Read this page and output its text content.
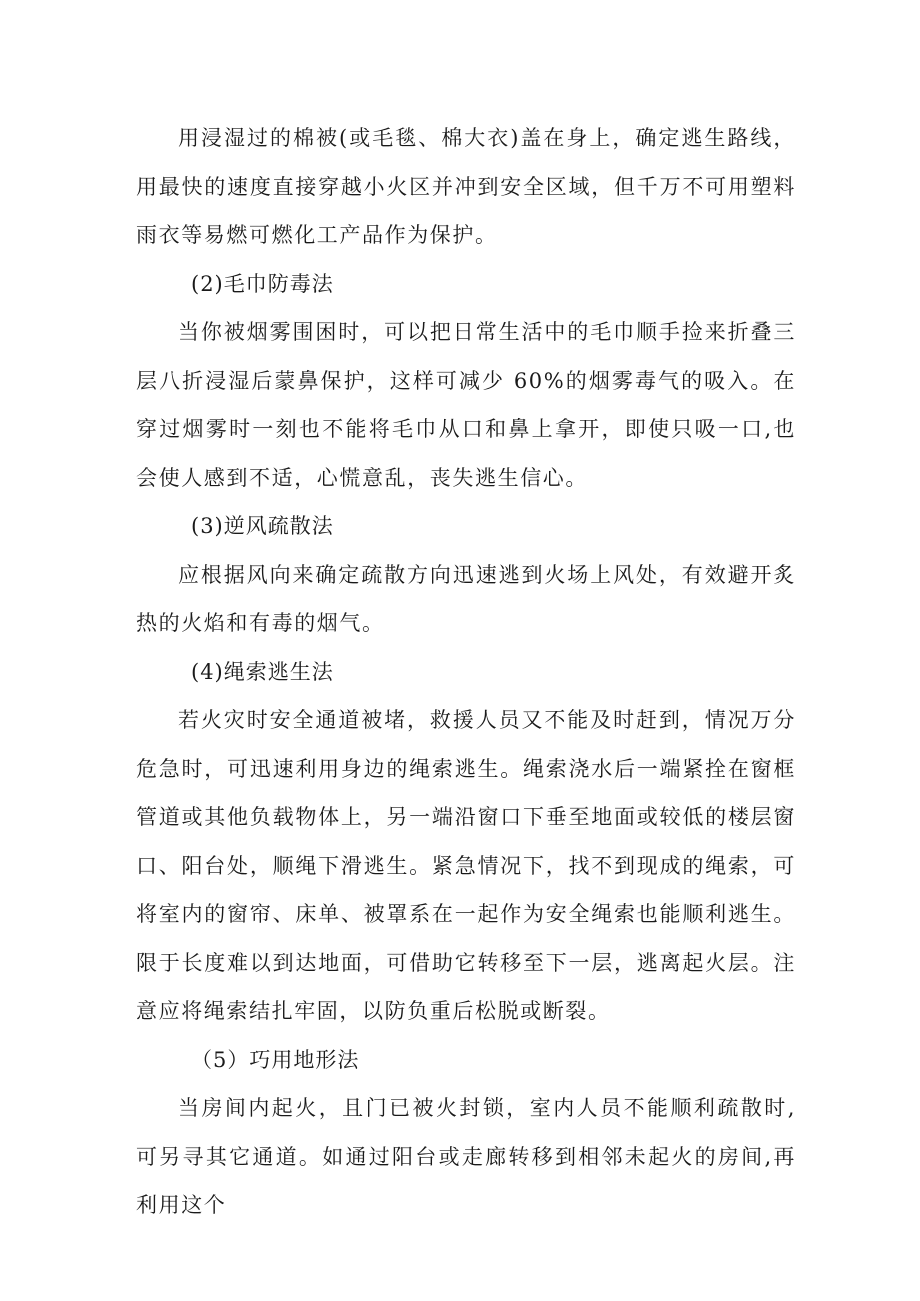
用浸湿过的棉被(或毛毯、棉大衣)盖在身上，确定逃生路线，用最快的速度直接穿越小火区并冲到安全区域，但千万不可用塑料雨衣等易燃可燃化工产品作为保护。

(2)毛巾防毒法

当你被烟雾围困时，可以把日常生活中的毛巾顺手捡来折叠三层八折浸湿后蒙鼻保护，这样可减少 60%的烟雾毒气的吸入。在穿过烟雾时一刻也不能将毛巾从口和鼻上拿开，即使只吸一口,也会使人感到不适，心慌意乱，丧失逃生信心。

(3)逆风疏散法

应根据风向来确定疏散方向迅速逃到火场上风处，有效避开炙热的火焰和有毒的烟气。

(4)绳索逃生法

若火灾时安全通道被堵，救援人员又不能及时赶到，情况万分危急时，可迅速利用身边的绳索逃生。绳索浇水后一端紧拴在窗框管道或其他负载物体上，另一端沿窗口下垂至地面或较低的楼层窗口、阳台处，顺绳下滑逃生。紧急情况下，找不到现成的绳索，可将室内的窗帘、床单、被罩系在一起作为安全绳索也能顺利逃生。限于长度难以到达地面，可借助它转移至下一层，逃离起火层。注意应将绳索结扎牢固，以防负重后松脱或断裂。

（5）巧用地形法

当房间内起火，且门已被火封锁，室内人员不能顺利疏散时,可另寻其它通道。如通过阳台或走廊转移到相邻未起火的房间,再利用这个
